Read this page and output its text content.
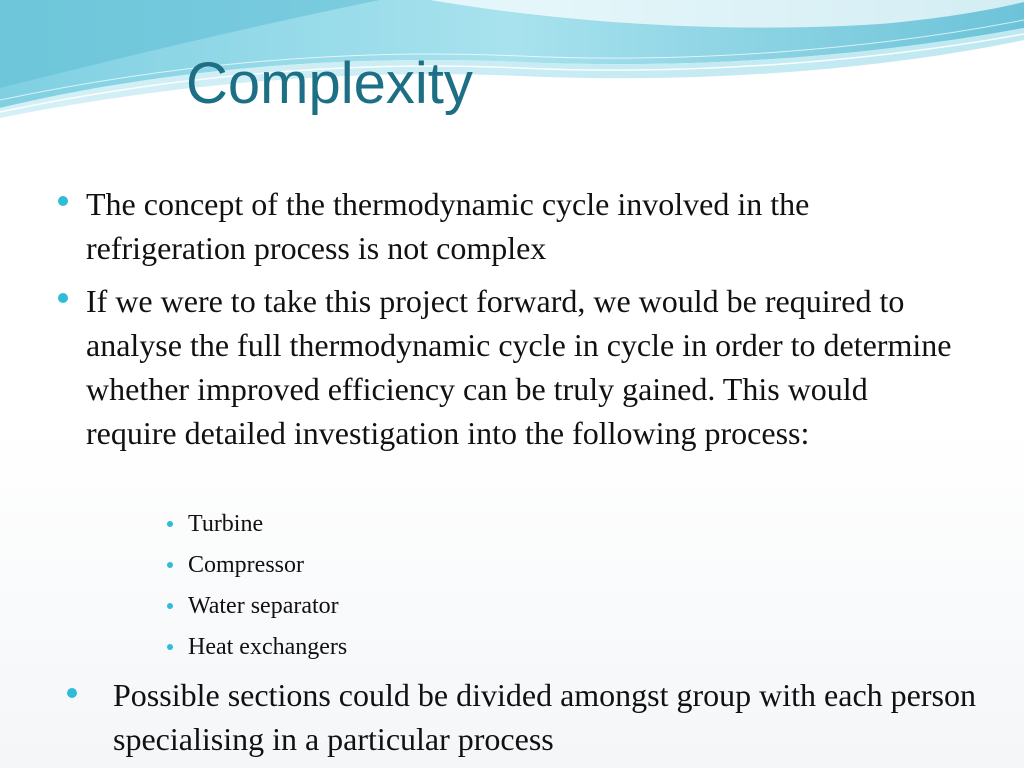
Complexity
The concept of the thermodynamic cycle involved in the refrigeration process is not complex
If we were to take this project forward, we would be required to analyse the full thermodynamic cycle in cycle in order to determine whether improved efficiency can be truly gained. This would require detailed investigation into the following process:
Turbine
Compressor
Water separator
Heat exchangers
Possible sections could be divided amongst group with each person specialising in a particular process
